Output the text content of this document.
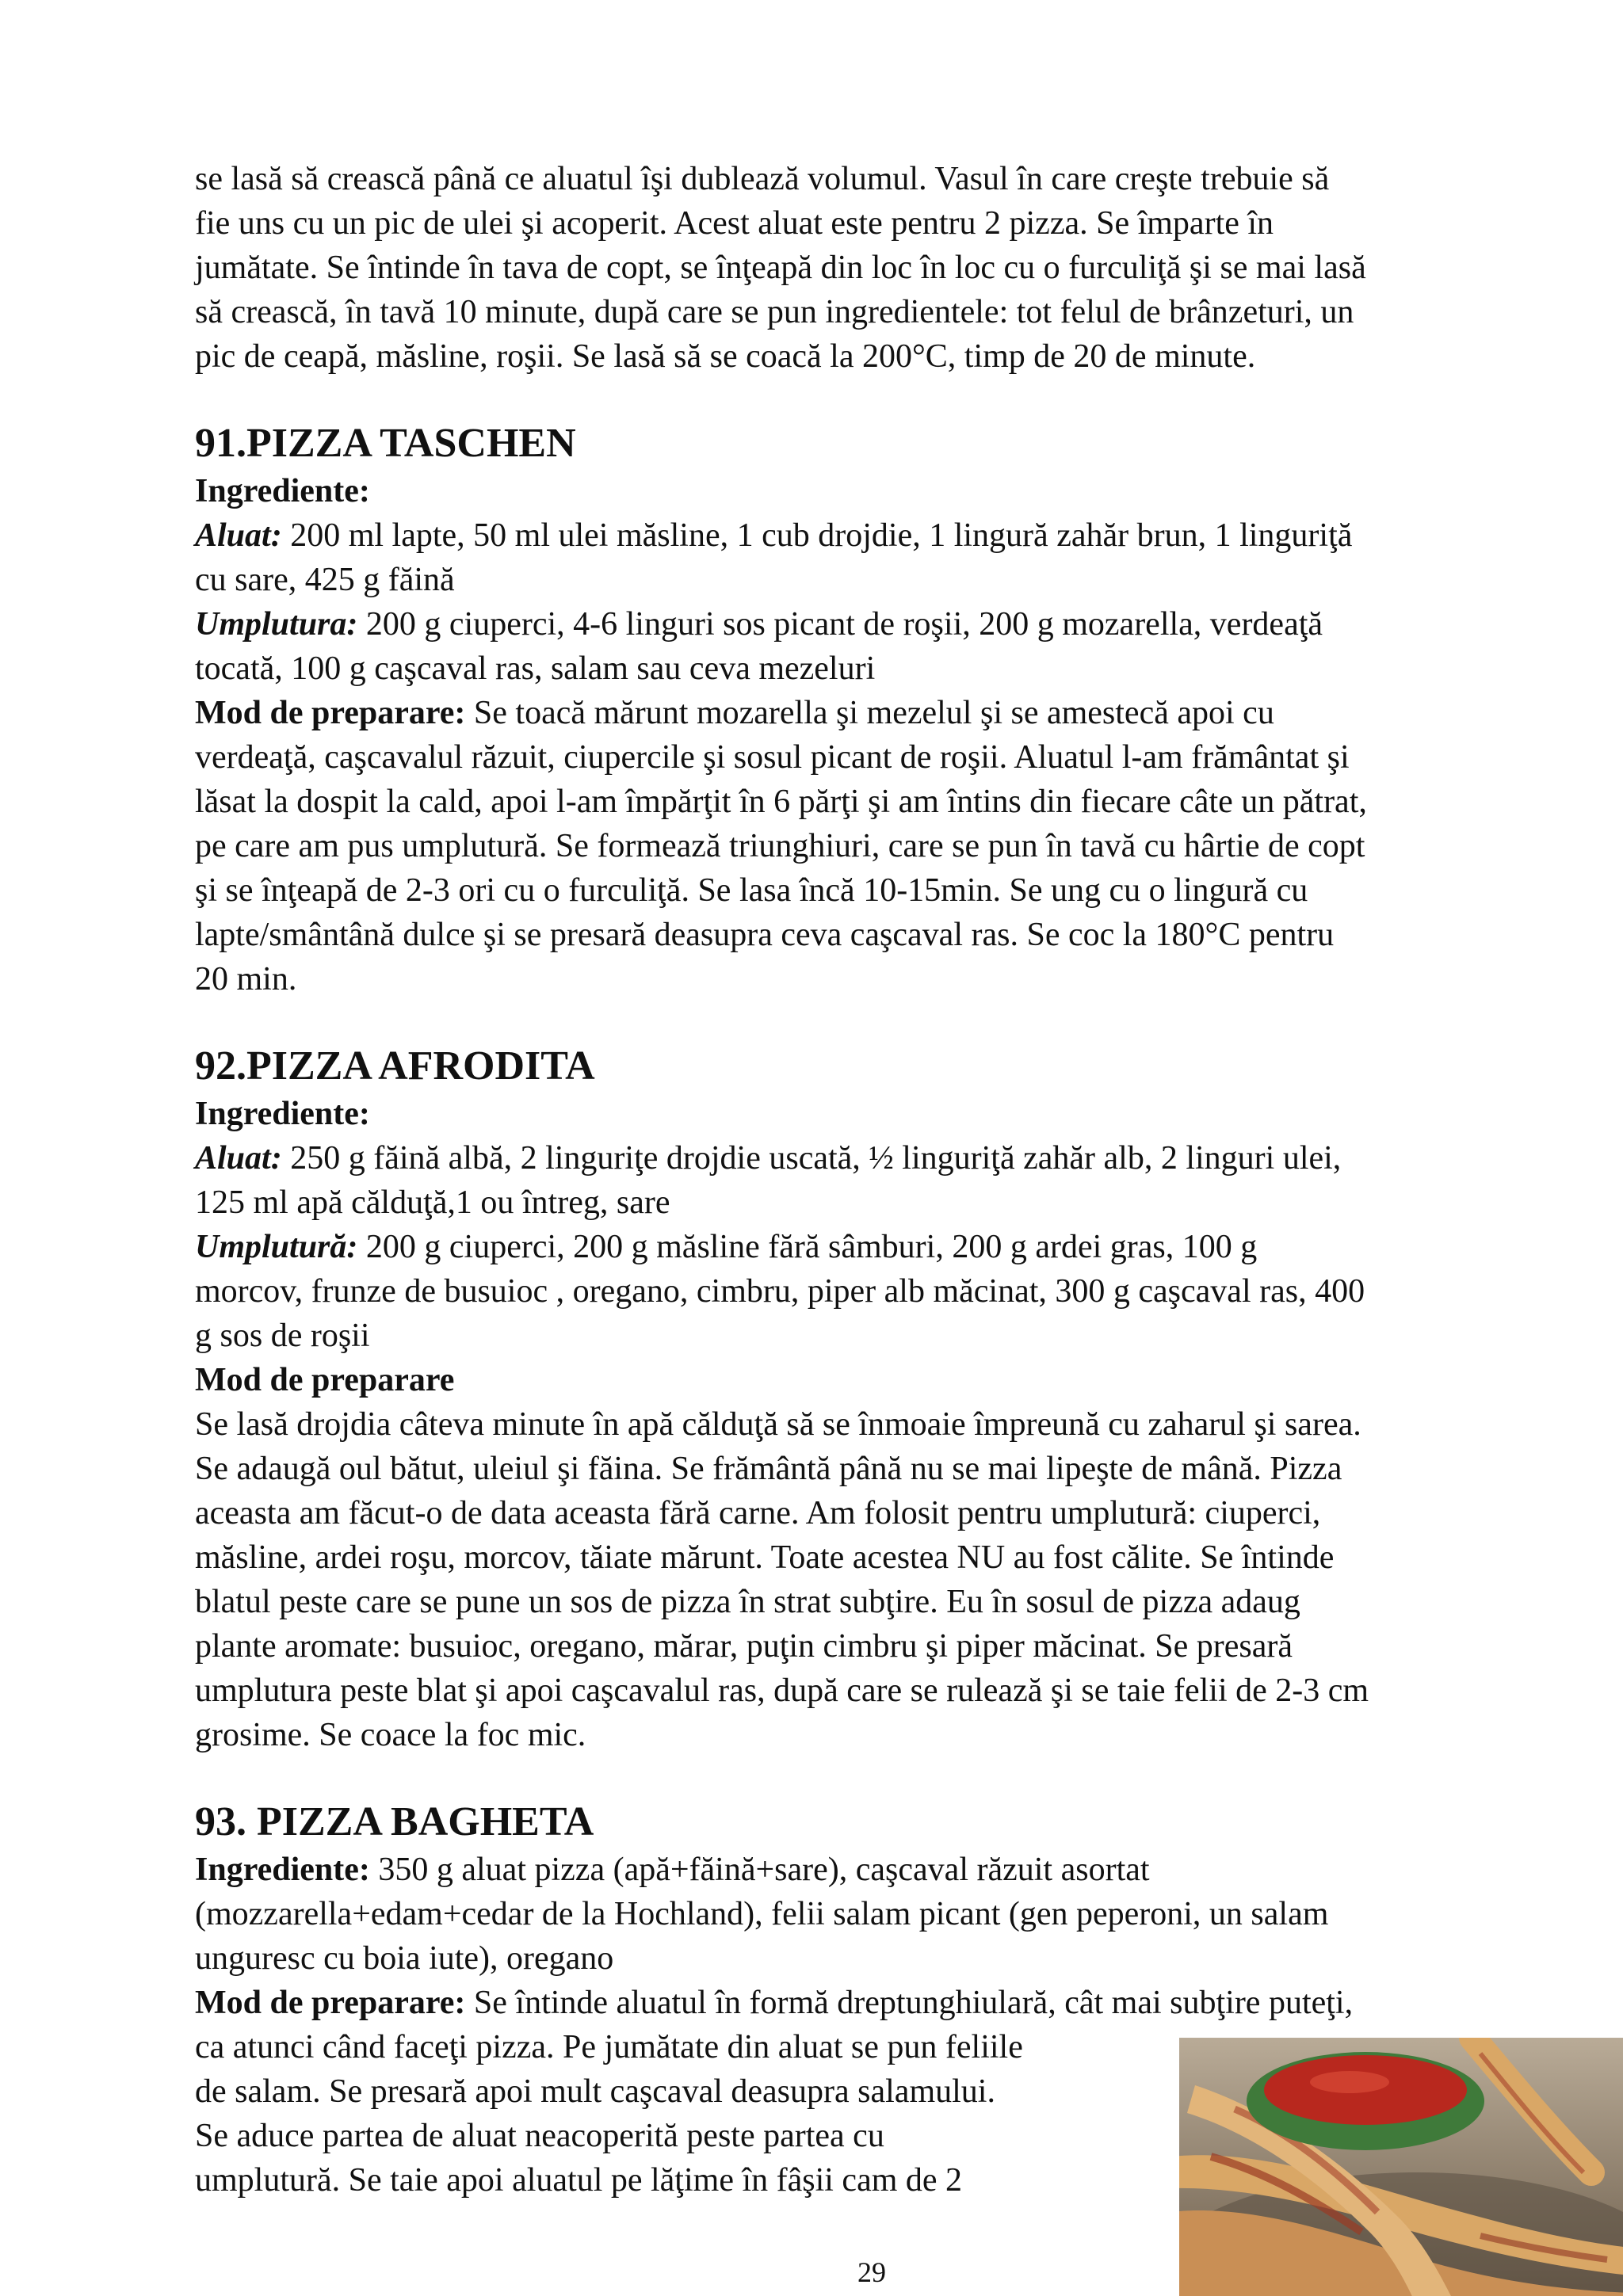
se lasă să crească până ce aluatul îşi dublează volumul. Vasul în care creşte trebuie să

fie uns cu un pic de ulei şi acoperit. Acest aluat este pentru 2 pizza. Se împarte în

jumătate. Se întinde în tava de copt, se înţeapă din loc în loc cu o furculiţă şi se mai lasă

să crească, în tavă 10 minute, după care se pun ingredientele: tot felul de brânzeturi, un

pic de ceapă, măsline, roşii. Se lasă să se coacă la 200°C, timp de 20 de minute.

91.PIZZA TASCHEN

Ingrediente:

Aluat: 200 ml lapte, 50 ml ulei măsline, 1 cub drojdie, 1 lingură zahăr brun, 1 linguriţă

cu sare, 425 g făină

Umplutura: 200 g ciuperci, 4-6 linguri sos picant de roşii, 200 g mozarella, verdeaţă

tocată, 100 g caşcaval ras, salam sau ceva mezeluri

Mod de preparare: Se toacă mărunt mozarella şi mezelul şi se amestecă apoi cu

verdeaţă, caşcavalul răzuit, ciupercile şi sosul picant de roşii. Aluatul l-am frământat şi

lăsat la dospit la cald, apoi l-am împărţit în 6 părţi şi am întins din fiecare câte un pătrat,

pe care am pus umplutură. Se formează triunghiuri, care se pun în tavă cu hârtie de copt

şi se înţeapă de 2-3 ori cu o furculiţă. Se lasa încă 10-15min. Se ung cu o lingură cu

lapte/smântână dulce şi se presară deasupra ceva caşcaval ras. Se coc la 180°C pentru

20 min.

92.PIZZA AFRODITA

Ingrediente:

Aluat: 250 g făină albă, 2 linguriţe drojdie uscată, ½ linguriţă zahăr alb, 2 linguri ulei,

125 ml apă călduţă,1 ou întreg, sare

Umplutură: 200 g ciuperci, 200 g măsline fără sâmburi, 200 g ardei gras, 100 g

morcov, frunze de busuioc , oregano, cimbru, piper alb măcinat, 300 g caşcaval ras, 400

g sos de roşii

Mod de preparare

Se lasă drojdia câteva minute în apă călduţă să se înmoaie împreună cu zaharul şi sarea.

Se adaugă oul bătut, uleiul şi făina. Se frământă până nu se mai lipeşte de mână. Pizza

aceasta am făcut-o de data aceasta fără carne. Am folosit pentru umplutură: ciuperci,

măsline, ardei roşu, morcov, tăiate mărunt. Toate acestea NU au fost călite. Se întinde

blatul peste care se pune un sos de pizza în strat subţire. Eu în sosul de pizza adaug

plante aromate: busuioc, oregano, mărar, puţin cimbru şi piper măcinat. Se presară

umplutura peste blat şi apoi caşcavalul ras, după care se rulează şi se taie felii de 2-3 cm

grosime. Se coace la foc mic.

93. PIZZA BAGHETA

Ingrediente: 350 g aluat pizza (apă+făină+sare), caşcaval răzuit asortat

(mozzarella+edam+cedar de la Hochland), felii salam picant (gen peperoni, un salam

unguresc cu boia iute), oregano

Mod de preparare: Se întinde aluatul în formă dreptunghiulară, cât mai subţire puteţi,

ca atunci când faceţi pizza. Pe jumătate din aluat se pun feliile

de salam. Se presară apoi mult caşcaval deasupra salamului.

Se aduce partea de aluat neacoperită peste partea cu

umplutură. Se taie apoi aluatul pe lăţime în fâşii cam de 2

29
